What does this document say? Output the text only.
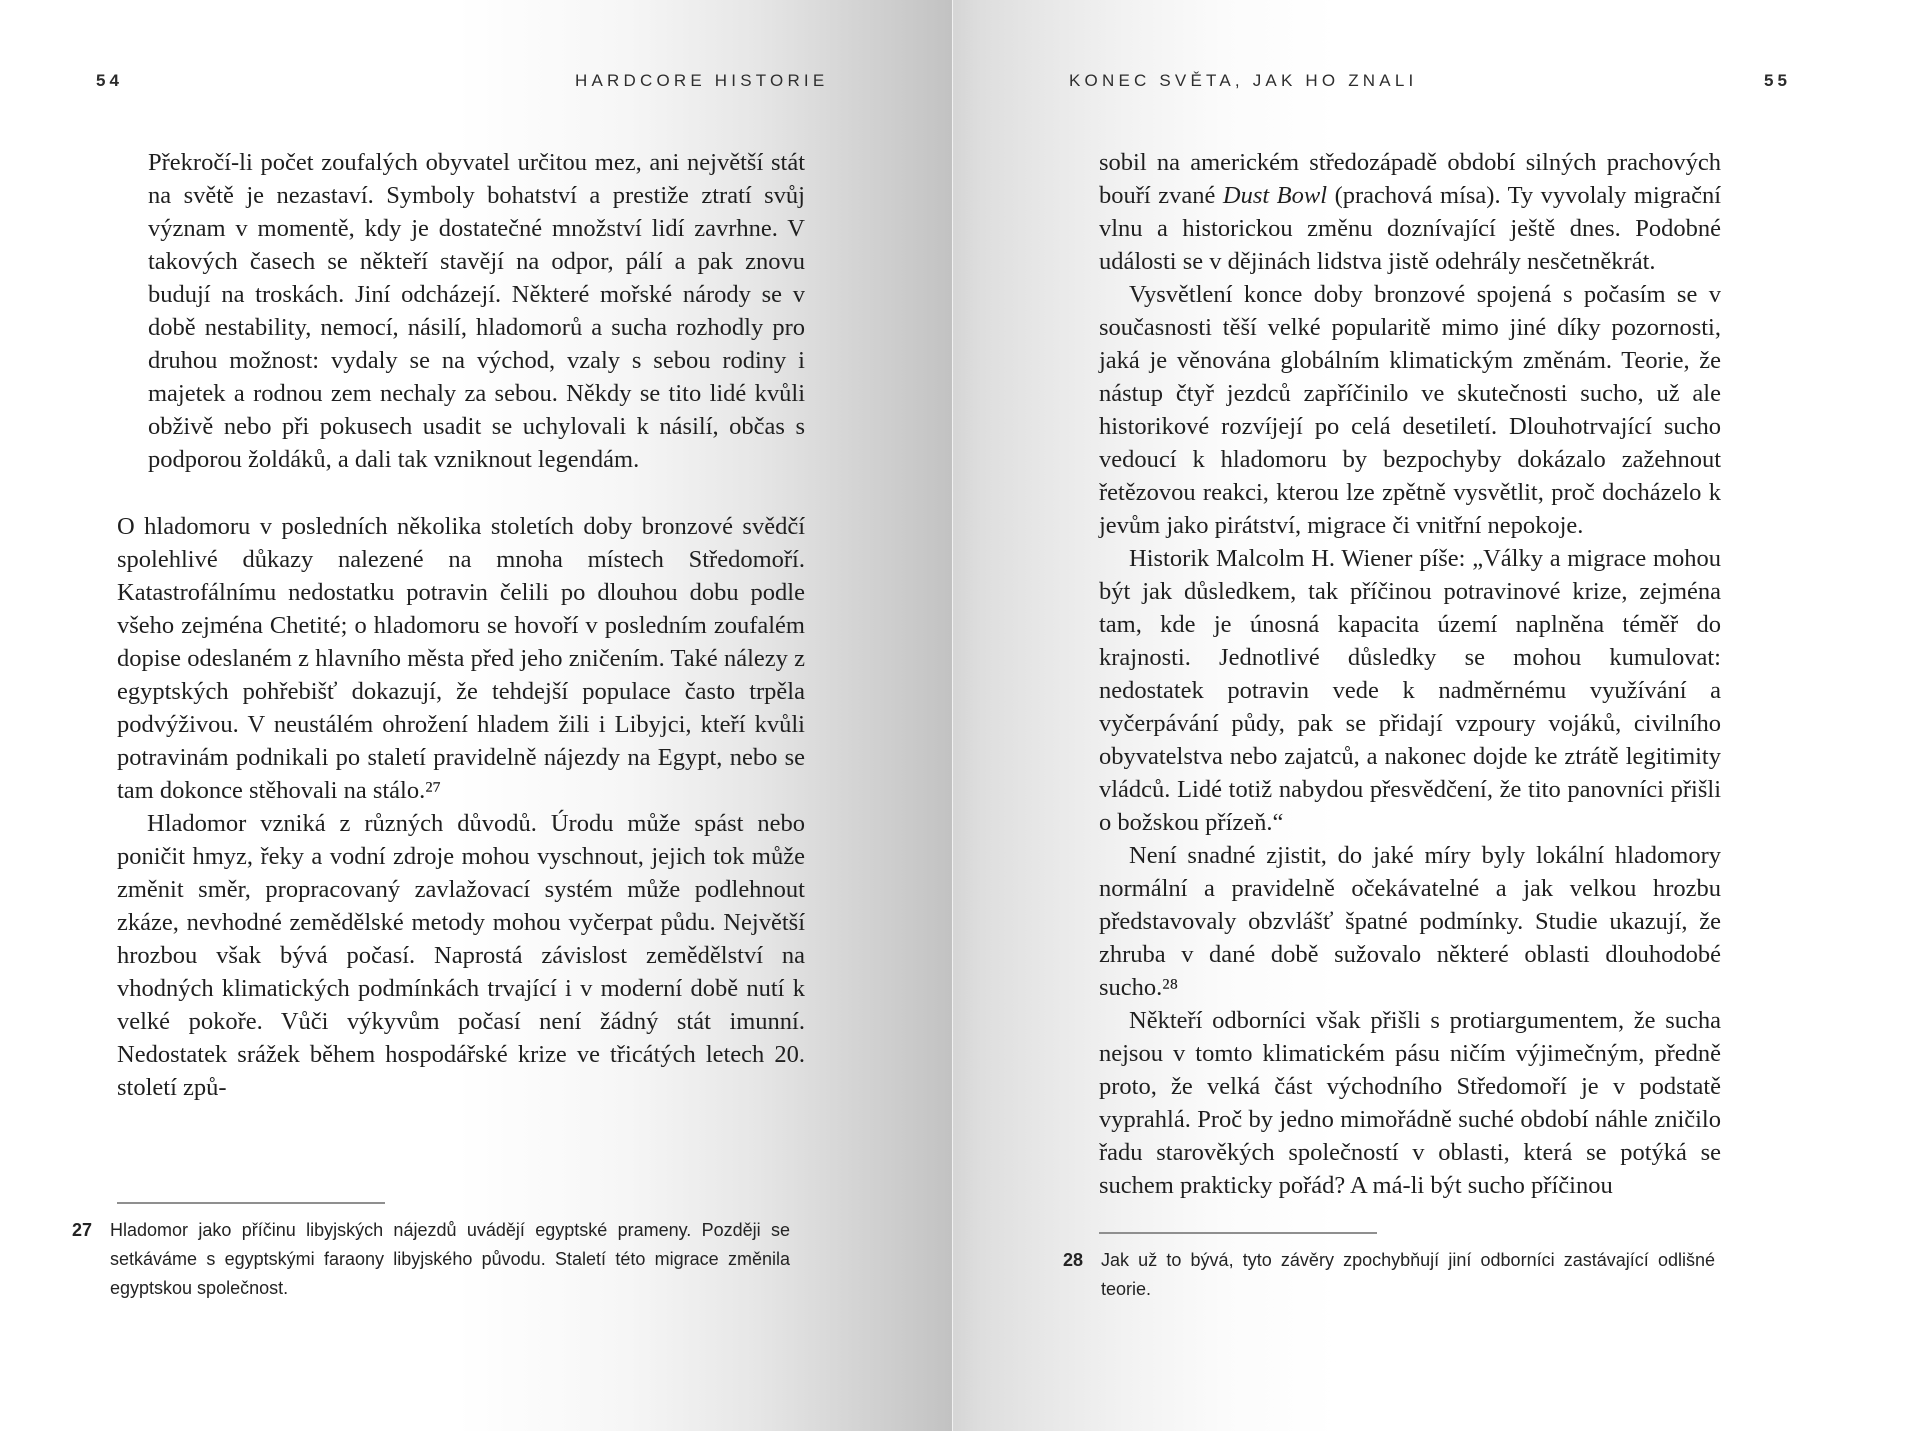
54	HARDCORE HISTORIE
Překročí-li počet zoufalých obyvatel určitou mez, ani největší stát na světě je nezastaví. Symboly bohatství a prestiže ztratí svůj význam v momentě, kdy je dostatečné množství lidí zavrhne. V takových časech se někteří stavějí na odpor, pálí a pak znovu budují na troskách. Jiní odcházejí. Některé mořské národy se v době nestability, nemocí, násilí, hladomorů a sucha rozhodly pro druhou možnost: vydaly se na východ, vzaly s sebou rodiny i majetek a rodnou zem nechaly za sebou. Někdy se tito lidé kvůli obživě nebo při pokusech usadit se uchylovali k násilí, občas s podporou žoldáků, a dali tak vzniknout legendám.

O hladomoru v posledních několika stoletích doby bronzové svědčí spolehlivé důkazy nalezené na mnoha místech Středomoří. Katastrofálnímu nedostatku potravin čelili po dlouhou dobu podle všeho zejména Chetité; o hladomoru se hovoří v posledním zoufalém dopise odeslaném z hlavního města před jeho zničením. Také nálezy z egyptských pohřebišť dokazují, že tehdejší populace často trpěla podvýživou. V neustálém ohrožení hladem žili i Libyjci, kteří kvůli potravinám podnikali po staletí pravidelně nájezdy na Egypt, nebo se tam dokonce stěhovali na stálo.²⁷

Hladomor vzniká z různých důvodů. Úrodu může spást nebo poničit hmyz, řeky a vodní zdroje mohou vyschnout, jejich tok může změnit směr, propracovaný zavlažovací systém může podlehnout zkáze, nevhodné zemědělské metody mohou vyčerpat půdu. Největší hrozbou však bývá počasí. Naprostá závislost zemědělství na vhodných klimatických podmínkách trvající i v moderní době nutí k velké pokoře. Vůči výkyvům počasí není žádný stát imunní. Nedostatek srážek během hospodářské krize ve třicátých letech 20. století způ-

27 Hladomor jako příčinu libyjských nájezdů uvádějí egyptské prameny. Později se setkáváme s egyptskými faraony libyjského původu. Staletí této migrace změnila egyptskou společnost.
KONEC SVĚTA, JAK HO ZNALI	55

sobil na americkém středozápadě období silných prachových bouří zvané Dust Bowl (prachová mísa). Ty vyvolaly migrační vlnu a historickou změnu doznívající ještě dnes. Podobné události se v dějinách lidstva jistě odehrály nesčetněkrát.

Vysvětlení konce doby bronzové spojená s počasím se v současnosti těší velké popularitě mimo jiné díky pozornosti, jaká je věnována globálním klimatickým změnám. Teorie, že nástup čtyř jezdců zapříčinilo ve skutečnosti sucho, už ale historikové rozvíjejí po celá desetiletí. Dlouhotrvající sucho vedoucí k hladomoru by bezpochyby dokázalo zažehnout řetězovou reakci, kterou lze zpětně vysvětlit, proč docházelo k jevům jako pirátství, migrace či vnitřní nepokoje.

Historik Malcolm H. Wiener píše: „Války a migrace mohou být jak důsledkem, tak příčinou potravinové krize, zejména tam, kde je únosná kapacita území naplněna téměř do krajnosti. Jednotlivé důsledky se mohou kumulovat: nedostatek potravin vede k nadměrnému využívání a vyčerpávání půdy, pak se přidají vzpoury vojáků, civilního obyvatelstva nebo zajatců, a nakonec dojde ke ztrátě legitimity vládců. Lidé totiž nabydou přesvědčení, že tito panovníci přišli o božskou přízeň.“

Není snadné zjistit, do jaké míry byly lokální hladomory normální a pravidelně očekávatelné a jak velkou hrozbu představovaly obzvlášť špatné podmínky. Studie ukazují, že zhruba v dané době sužovalo některé oblasti dlouhodobé sucho.²⁸

Někteří odborníci však přišli s protiargumentem, že sucha nejsou v tomto klimatickém pásu ničím výjimečným, předně proto, že velká část východního Středomoří je v podstatě vyprahlá. Proč by jedno mimořádně suché období náhle zničilo řadu starověkých společností v oblasti, která se potýká se suchem prakticky pořád? A má-li být sucho příčinou

28 Jak už to bývá, tyto závěry zpochybňují jiní odborníci zastávající odlišné teorie.
